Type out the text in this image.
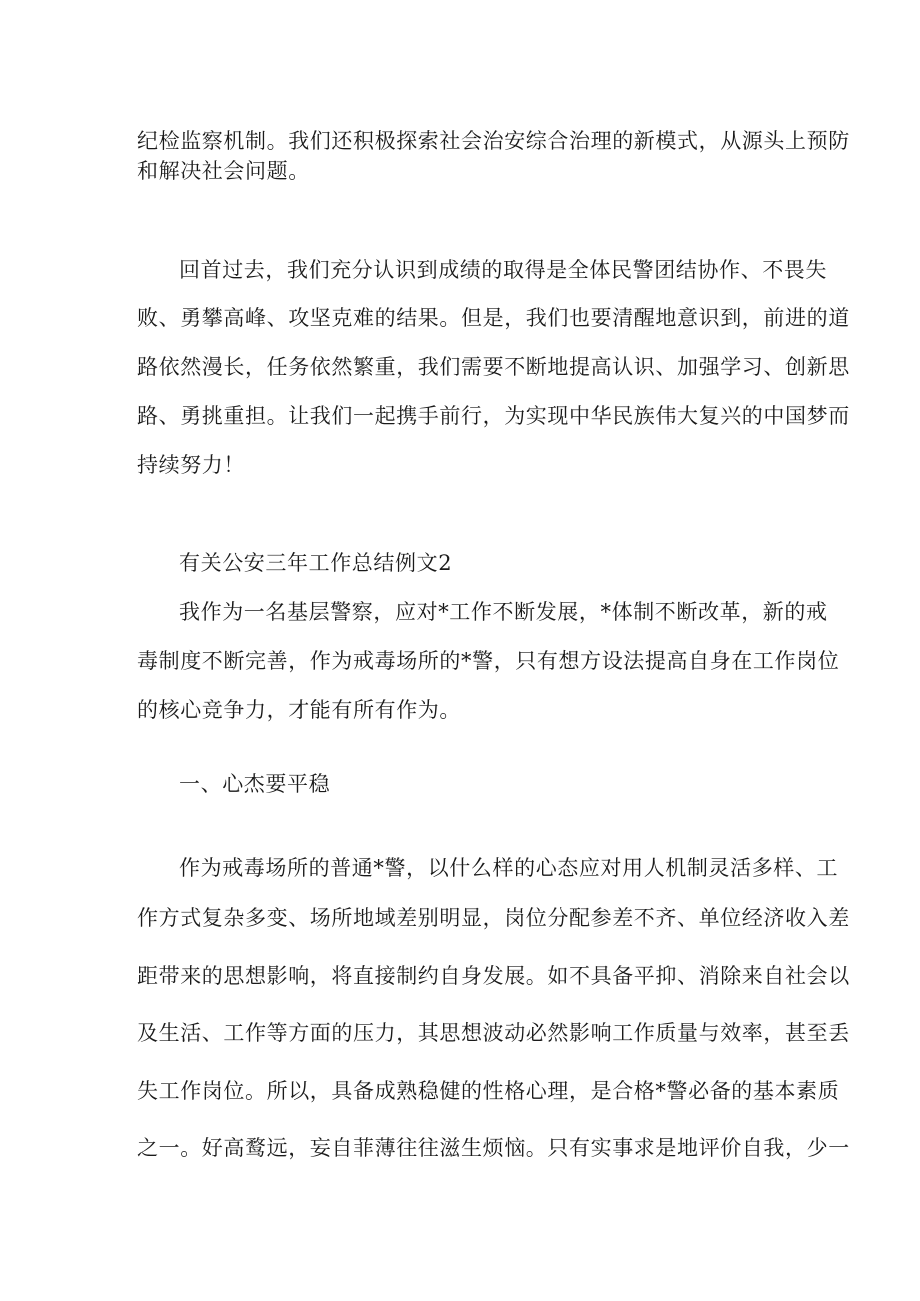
纪检监察机制。我们还积极探索社会治安综合治理的新模式，从源头上预防
和解决社会问题。
回首过去，我们充分认识到成绩的取得是全体民警团结协作、不畏失
败、勇攀高峰、攻坚克难的结果。但是，我们也要清醒地意识到，前进的道
路依然漫长，任务依然繁重，我们需要不断地提高认识、加强学习、创新思
路、勇挑重担。让我们一起携手前行，为实现中华民族伟大复兴的中国梦而
持续努力！
有关公安三年工作总结例文2
我作为一名基层警察，应对*工作不断发展，*体制不断改革，新的戒
毒制度不断完善，作为戒毒场所的*警，只有想方设法提高自身在工作岗位
的核心竞争力，才能有所有作为。
一、心杰要平稳
作为戒毒场所的普通*警，以什么样的心态应对用人机制灵活多样、工
作方式复杂多变、场所地域差别明显，岗位分配参差不齐、单位经济收入差
距带来的思想影响，将直接制约自身发展。如不具备平抑、消除来自社会以
及生活、工作等方面的压力，其思想波动必然影响工作质量与效率，甚至丢
失工作岗位。所以，具备成熟稳健的性格心理，是合格*警必备的基本素质
之一。好高鹜远，妄自菲薄往往滋生烦恼。只有实事求是地评价自我，少一
